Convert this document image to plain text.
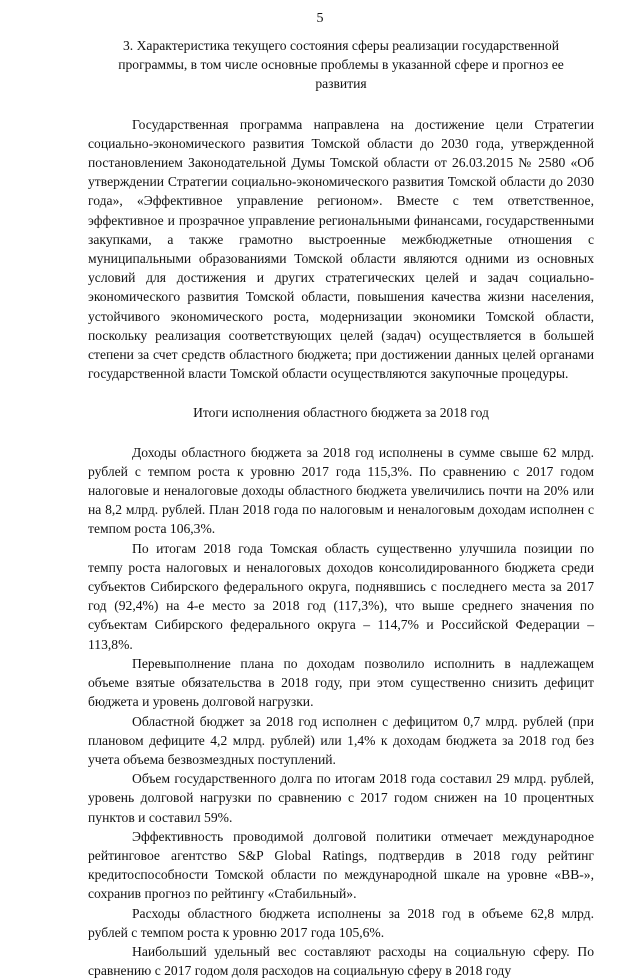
5

3. Характеристика текущего состояния сферы реализации государственной программы, в том числе основные проблемы в указанной сфере и прогноз ее развития

Государственная программа направлена на достижение цели Стратегии социально-экономического развития Томской области до 2030 года, утвержденной постановлением Законодательной Думы Томской области от 26.03.2015 № 2580 «Об утверждении Стратегии социально-экономического развития Томской области до 2030 года», «Эффективное управление регионом». Вместе с тем ответственное, эффективное и прозрачное управление региональными финансами, государственными закупками, а также грамотно выстроенные межбюджетные отношения с муниципальными образованиями Томской области являются одними из основных условий для достижения и других стратегических целей и задач социально-экономического развития Томской области, повышения качества жизни населения, устойчивого экономического роста, модернизации экономики Томской области, поскольку реализация соответствующих целей (задач) осуществляется в большей степени за счет средств областного бюджета; при достижении данных целей органами государственной власти Томской области осуществляются закупочные процедуры.

Итоги исполнения областного бюджета за 2018 год

Доходы областного бюджета за 2018 год исполнены в сумме свыше 62 млрд. рублей с темпом роста к уровню 2017 года 115,3%. По сравнению с 2017 годом налоговые и неналоговые доходы областного бюджета увеличились почти на 20% или на 8,2 млрд. рублей. План 2018 года по налоговым и неналоговым доходам исполнен с темпом роста 106,3%.

По итогам 2018 года Томская область существенно улучшила позиции по темпу роста налоговых и неналоговых доходов консолидированного бюджета среди субъектов Сибирского федерального округа, поднявшись с последнего места за 2017 год (92,4%) на 4-е место за 2018 год (117,3%), что выше среднего значения по субъектам Сибирского федерального округа – 114,7% и Российской Федерации – 113,8%.

Перевыполнение плана по доходам позволило исполнить в надлежащем объеме взятые обязательства в 2018 году, при этом существенно снизить дефицит бюджета и уровень долговой нагрузки.

Областной бюджет за 2018 год исполнен с дефицитом 0,7 млрд. рублей (при плановом дефиците 4,2 млрд. рублей) или 1,4% к доходам бюджета за 2018 год без учета объема безвозмездных поступлений.

Объем государственного долга по итогам 2018 года составил 29 млрд. рублей, уровень долговой нагрузки по сравнению с 2017 годом снижен на 10 процентных пунктов и составил 59%.

Эффективность проводимой долговой политики отмечает международное рейтинговое агентство S&P Global Ratings, подтвердив в 2018 году рейтинг кредитоспособности Томской области по международной шкале на уровне «ВВ-», сохранив прогноз по рейтингу «Стабильный».

Расходы областного бюджета исполнены за 2018 год в объеме 62,8 млрд. рублей с темпом роста к уровню 2017 года 105,6%.

Наибольший удельный вес составляют расходы на социальную сферу. По сравнению с 2017 годом доля расходов на социальную сферу в 2018 году
